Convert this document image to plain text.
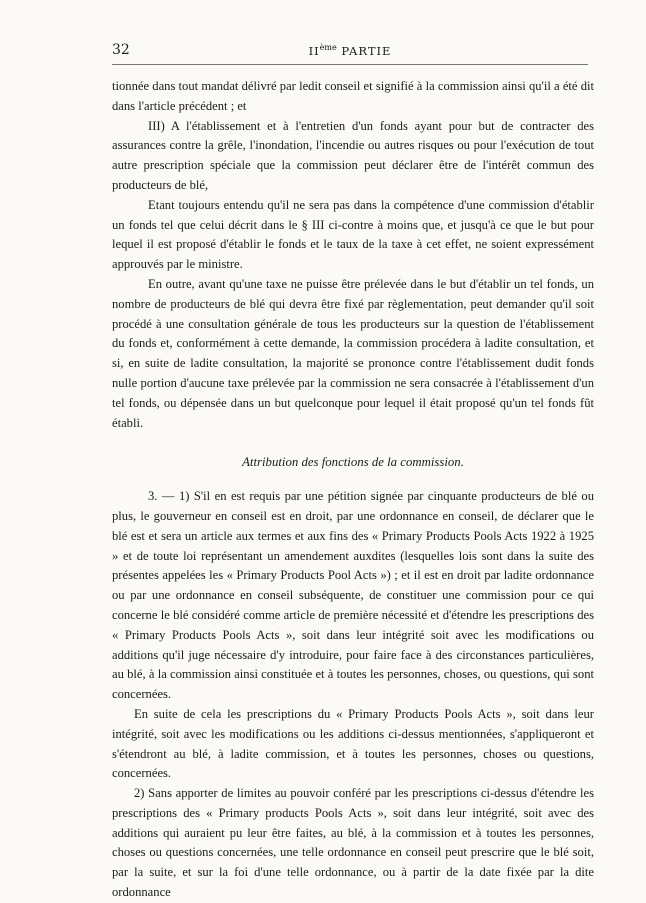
32	IIème PARTIE

tionnée dans tout mandat délivré par ledit conseil et signifié à la commission ainsi qu'il a été dit dans l'article précédent ; et

III) A l'établissement et à l'entretien d'un fonds ayant pour but de contracter des assurances contre la grêle, l'inondation, l'incendie ou autres risques ou pour l'exécution de tout autre prescription spéciale que la commission peut déclarer être de l'intérêt commun des producteurs de blé,

Etant toujours entendu qu'il ne sera pas dans la compétence d'une commission d'établir un fonds tel que celui décrit dans le § III ci-contre à moins que, et jusqu'à ce que le but pour lequel il est proposé d'établir le fonds et le taux de la taxe à cet effet, ne soient expressément approuvés par le ministre.

En outre, avant qu'une taxe ne puisse être prélevée dans le but d'établir un tel fonds, un nombre de producteurs de blé qui devra être fixé par règlementation, peut demander qu'il soit procédé à une consultation générale de tous les producteurs sur la question de l'établissement du fonds et, conformément à cette demande, la commission procédera à ladite consultation, et si, en suite de ladite consultation, la majorité se prononce contre l'établissement dudit fonds nulle portion d'aucune taxe prélevée par la commission ne sera consacrée à l'établissement d'un tel fonds, ou dépensée dans un but quelconque pour lequel il était proposé qu'un tel fonds fût établi.

Attribution des fonctions de la commission.

3. — 1) S'il en est requis par une pétition signée par cinquante producteurs de blé ou plus, le gouverneur en conseil est en droit, par une ordonnance en conseil, de déclarer que le blé est et sera un article aux termes et aux fins des « Primary Products Pools Acts 1922 à 1925 » et de toute loi représentant un amendement auxdites (lesquelles lois sont dans la suite des présentes appelées les « Primary Products Pool Acts ») ; et il est en droit par ladite ordonnance ou par une ordonnance en conseil subséquente, de constituer une commission pour ce qui concerne le blé considéré comme article de première nécessité et d'étendre les prescriptions des « Primary Products Pools Acts », soit dans leur intégrité soit avec les modifications ou additions qu'il juge nécessaire d'y introduire, pour faire face à des circonstances particulières, au blé, à la commission ainsi constituée et à toutes les personnes, choses, ou questions, qui sont concernées.

En suite de cela les prescriptions du « Primary Products Pools Acts », soit dans leur intégrité, soit avec les modifications ou les additions ci-dessus mentionnées, s'appliqueront et s'étendront au blé, à ladite commission, et à toutes les personnes, choses ou questions, concernées.

2) Sans apporter de limites au pouvoir conféré par les prescriptions ci-dessus d'étendre les prescriptions des « Primary products Pools Acts », soit dans leur intégrité, soit avec des additions qui auraient pu leur être faites, au blé, à la commission et à toutes les personnes, choses ou questions concernées, une telle ordonnance en conseil peut prescrire que le blé soit, par la suite, et sur la foi d'une telle ordonnance, ou à partir de la date fixée par la dite ordonnance
